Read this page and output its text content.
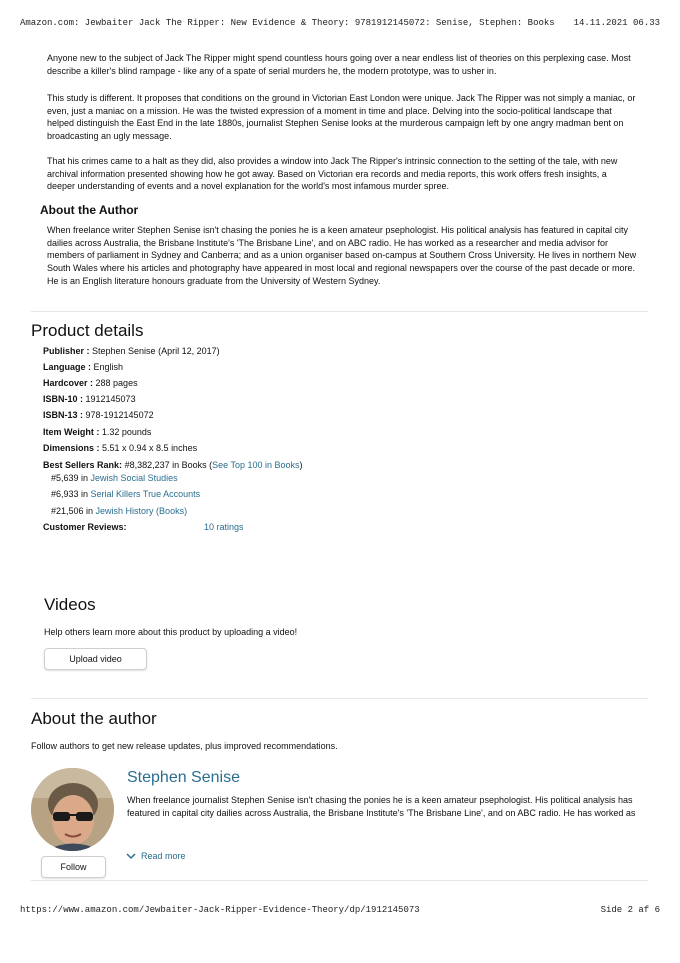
Amazon.com: Jewbaiter Jack The Ripper: New Evidence & Theory: 9781912145072: Senise, Stephen: Books 14.11.2021 06.33

Anyone new to the subject of Jack The Ripper might spend countless hours going over a near endless list of theories on this perplexing case. Most describe a killer's blind rampage - like any of a spate of serial murders he, the modern prototype, was to usher in.

This study is different. It proposes that conditions on the ground in Victorian East London were unique. Jack The Ripper was not simply a maniac, or even, just a maniac on a mission. He was the twisted expression of a moment in time and place. Delving into the socio-political landscape that helped distinguish the East End in the late 1880s, journalist Stephen Senise looks at the murderous campaign left by one angry madman bent on broadcasting an ugly message.

That his crimes came to a halt as they did, also provides a window into Jack The Ripper's intrinsic connection to the setting of the tale, with new archival information presented showing how he got away. Based on Victorian era records and media reports, this work offers fresh insights, a deeper understanding of events and a novel explanation for the world's most infamous murder spree.

About the Author

When freelance writer Stephen Senise isn't chasing the ponies he is a keen amateur psephologist. His political analysis has featured in capital city dailies across Australia, the Brisbane Institute's 'The Brisbane Line', and on ABC radio. He has worked as a researcher and media advisor for members of parliament in Sydney and Canberra; and as a union organiser based on-campus at Southern Cross University. He lives in northern New South Wales where his articles and photography have appeared in most local and regional newspapers over the course of the past decade or more. He is an English literature honours graduate from the University of Western Sydney.

Product details
Publisher : Stephen Senise (April 12, 2017)
Language : English
Hardcover : 288 pages
ISBN-10 : 1912145073
ISBN-13 : 978-1912145072
Item Weight : 1.32 pounds
Dimensions : 5.51 x 0.94 x 8.5 inches
Best Sellers Rank: #8,382,237 in Books (See Top 100 in Books)
#5,639 in Jewish Social Studies
#6,933 in Serial Killers True Accounts
#21,506 in Jewish History (Books)
Customer Reviews:	10 ratings
Videos
Help others learn more about this product by uploading a video!
Upload video
About the author
Follow authors to get new release updates, plus improved recommendations.
Stephen Senise

When freelance journalist Stephen Senise isn't chasing the ponies he is a keen amateur psephologist. His political analysis has featured in capital city dailies across Australia, the Brisbane Institute's 'The Brisbane Line', and on ABC radio. He has worked as

Read more
Follow
https://www.amazon.com/Jewbaiter-Jack-Ripper-Evidence-Theory/dp/1912145073	Side 2 af 6
